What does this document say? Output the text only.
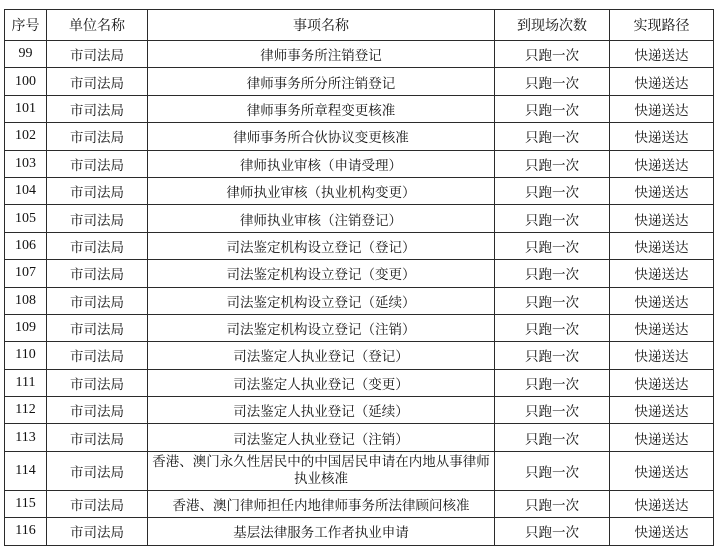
序号	单位名称	事项名称	到现场次数	实现路径
99	市司法局	律师事务所注销登记	只跑一次	快递送达
100	市司法局	律师事务所分所注销登记	只跑一次	快递送达
101	市司法局	律师事务所章程变更核准	只跑一次	快递送达
102	市司法局	律师事务所合伙协议变更核准	只跑一次	快递送达
103	市司法局	律师执业审核（申请受理）	只跑一次	快递送达
104	市司法局	律师执业审核（执业机构变更）	只跑一次	快递送达
105	市司法局	律师执业审核（注销登记）	只跑一次	快递送达
106	市司法局	司法鉴定机构设立登记（登记）	只跑一次	快递送达
107	市司法局	司法鉴定机构设立登记（变更）	只跑一次	快递送达
108	市司法局	司法鉴定机构设立登记（延续）	只跑一次	快递送达
109	市司法局	司法鉴定机构设立登记（注销）	只跑一次	快递送达
110	市司法局	司法鉴定人执业登记（登记）	只跑一次	快递送达
111	市司法局	司法鉴定人执业登记（变更）	只跑一次	快递送达
112	市司法局	司法鉴定人执业登记（延续）	只跑一次	快递送达
113	市司法局	司法鉴定人执业登记（注销）	只跑一次	快递送达
114	市司法局	香港、澳门永久性居民中的中国居民申请在内地从事律师执业核准	只跑一次	快递送达
115	市司法局	香港、澳门律师担任内地律师事务所法律顾问核准	只跑一次	快递送达
116	市司法局	基层法律服务工作者执业申请	只跑一次	快递送达
